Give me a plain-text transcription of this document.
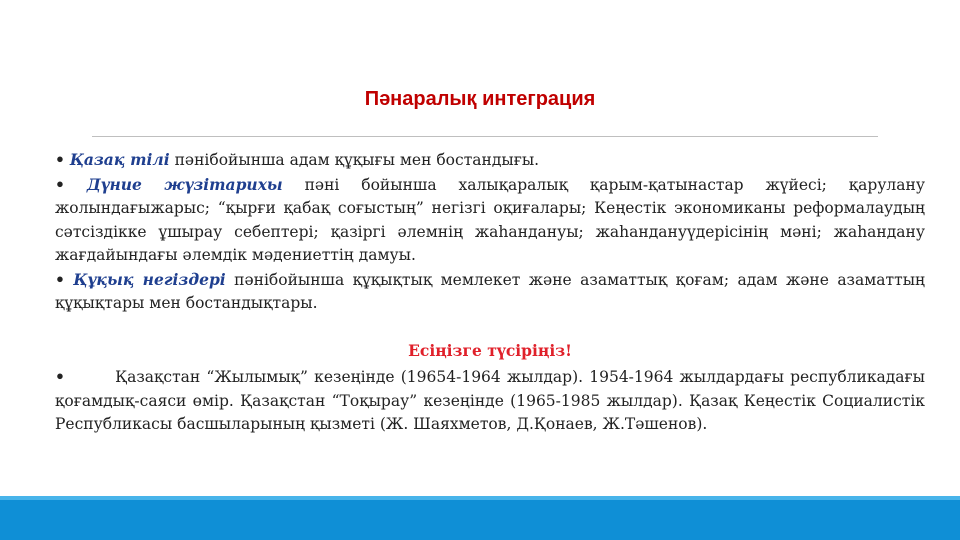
Пәнаралық интеграция

• Қазақ тілі пәнібойынша адам құқығы мен бостандығы.

• Дүние жүзітарихы пәні бойынша халықаралық қарым-қатынастар жүйесі; қарулану жолындағыжарыс; “қырғи қабақ соғыстың” негізгі оқиғалары; Кеңестік экономиканы реформалаудың сәтсіздікке ұшырау себептері; қазіргі әлемнің жаһандануы; жаһандануүдерісінің мәні; жаһандану жағдайындағы әлемдік мәдениеттің дамуы.

• Құқық негіздері пәнібойынша құқықтық мемлекет және азаматтық қоғам; адам және азаматтың құқықтары мен бостандықтары.

Есіңізге түсіріңіз!

•	Қазақстан “Жылымық” кезеңінде (19654-1964 жылдар). 1954-1964 жылдардағы республикадағы қоғамдық-саяси өмір. Қазақстан “Тоқырау” кезеңінде (1965-1985 жылдар). Қазақ Кеңестік Социалистік Республикасы басшыларының қызметі (Ж. Шаяхметов, Д.Қонаев, Ж.Тәшенов).
